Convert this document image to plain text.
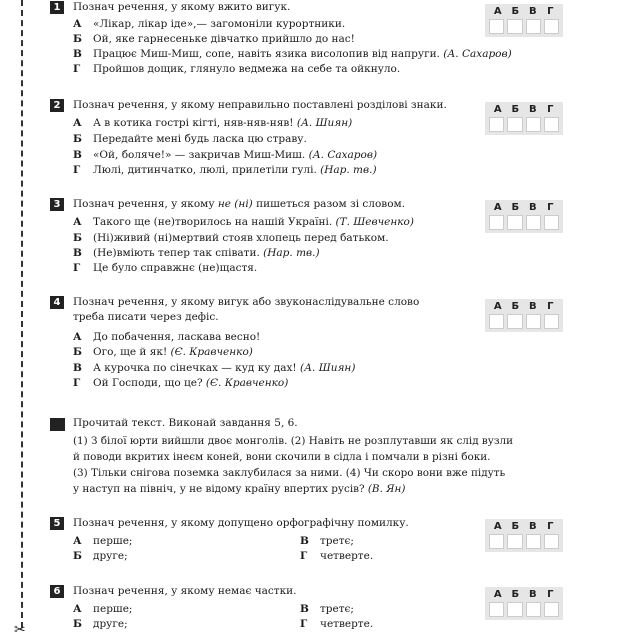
✂
1	Познач речення, у якому вжито вигук.
А «Лікар, лікар іде»,— загомоніли курортники.
Б Ой, яке гарнесеньке дівчатко прийшло до нас!
В Працює Миш-Миш, сопе, навіть язика висолопив від напруги. (А. Сахаров)
Г Пройшов дощик, глянуло ведмежа на себе та ойкнуло.
А Б В	Г
2	Познач речення, у якому неправильно поставлені розділові знаки.
А А в котика гострі кігті, няв-няв-няв! (А. Шиян)
Б Передайте мені будь ласка цю страву.
В «Ой, боляче!» — закричав Миш-Миш. (А. Сахаров)
Г Люлі, дитинчатко, люлі, прилетіли гулі. (Нар. тв.)
А Б В	Г
3	Познач речення, у якому не (ні) пишеться разом зі словом.
А Такого ще (не)творилось на нашій Україні. (Т. Шевченко)
Б (Ні)живий (ні)мертвий стояв хлопець перед батьком.
В (Не)вміють тепер так співати. (Нар. тв.)
Г Це було справжнє (не)щастя.
А Б В	Г
4	Познач речення, у якому вигук або звуконаслідувальне слово
треба писати через дефіс.
А До побачення, ласкава весно!
Б Ого, ще й як! (Є. Кравченко)
В А курочка по сінечках — куд ку дах! (А. Шиян)
Г Ой Господи, що це? (Є. Кравченко)
А Б В	Г
Прочитай текст. Виконай завдання 5, 6.
(1) З білої юрти вийшли двоє монголів. (2) Навіть не розплутавши як слід вузли
й поводи вкритих інеєм коней, вони скочили в сідла і помчали в різні боки.
(3) Тільки снігова поземка заклубилася за ними. (4) Чи скоро вони вже підуть
у наступ на північ, у не відому країну впертих русів? (В. Ян)
5	Познач речення, у якому допущено орфографічну помилку.
А перше;
Б друге;
В третє;
Г четверте.
А Б В	Г
6	Познач речення, у якому немає частки.
А перше;
Б друге;
В третє;
Г четверте.
А Б В	Г
